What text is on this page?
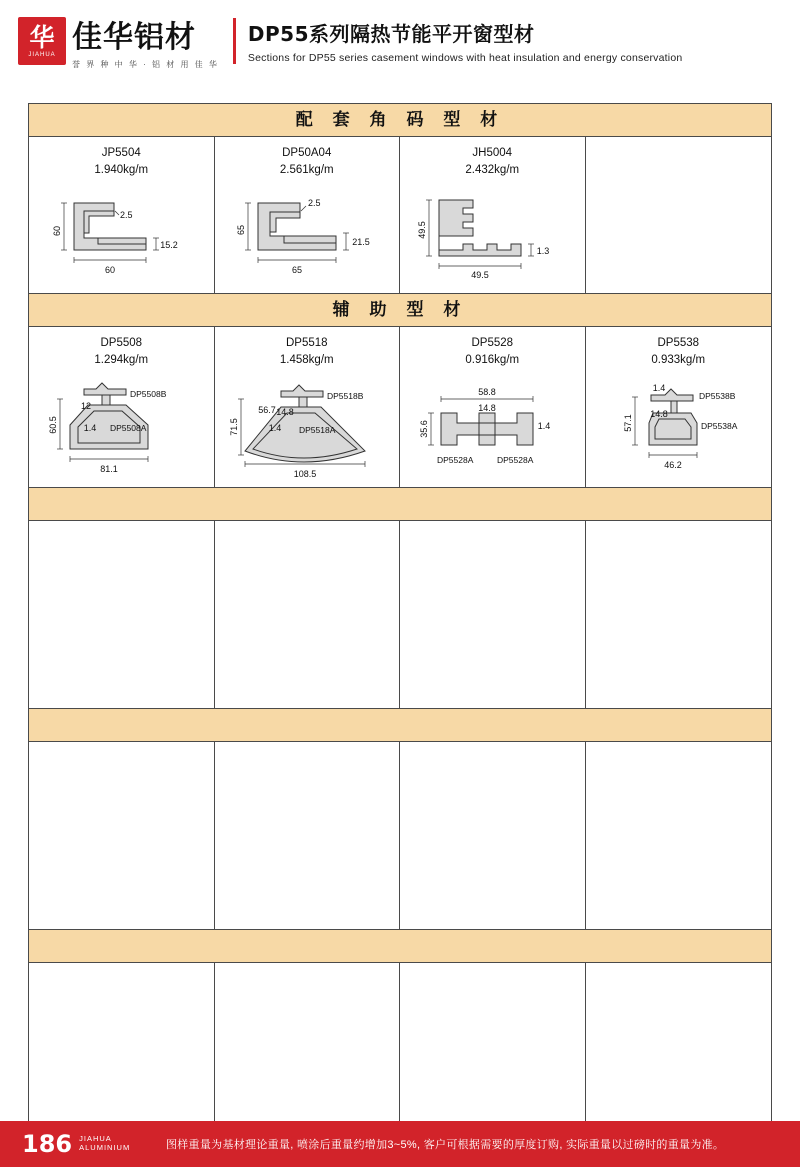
华
JIAHUA 佳华铝材
誉 界 种 中 华 · 铝 材 用 佳 华
DP55系列隔热节能平开窗型材
Sections for DP55 series casement windows with heat insulation and energy conservation
配 套 角 码 型 材
JP5504
1.940kg/m
60
2.5
60
15.2
DP50A04
2.561kg/m
65
2.5
65
21.5
JH5004
2.432kg/m
49.5
49.5
1.3
辅 助 型 材
DP5508
1.294kg/m
60.5
12
1.4
DP5508B
DP5508A
81.1
DP5518
1.458kg/m
71.5
56.7 14.8
1.4
DP5518B
DP5518A
108.5
DP5528
0.916kg/m
35.6
58.8
14.8
1.4
DP5528A	DP5528A
DP5538
0.933kg/m
57.1
1.4
14.8
DP5538B
DP5538A
46.2
186 JIAHUA
ALUMINIUM	图样重量为基材理论重量, 喷涂后重量约增加3~5%, 客户可根据需要的厚度订购, 实际重量以过磅时的重量为准。
